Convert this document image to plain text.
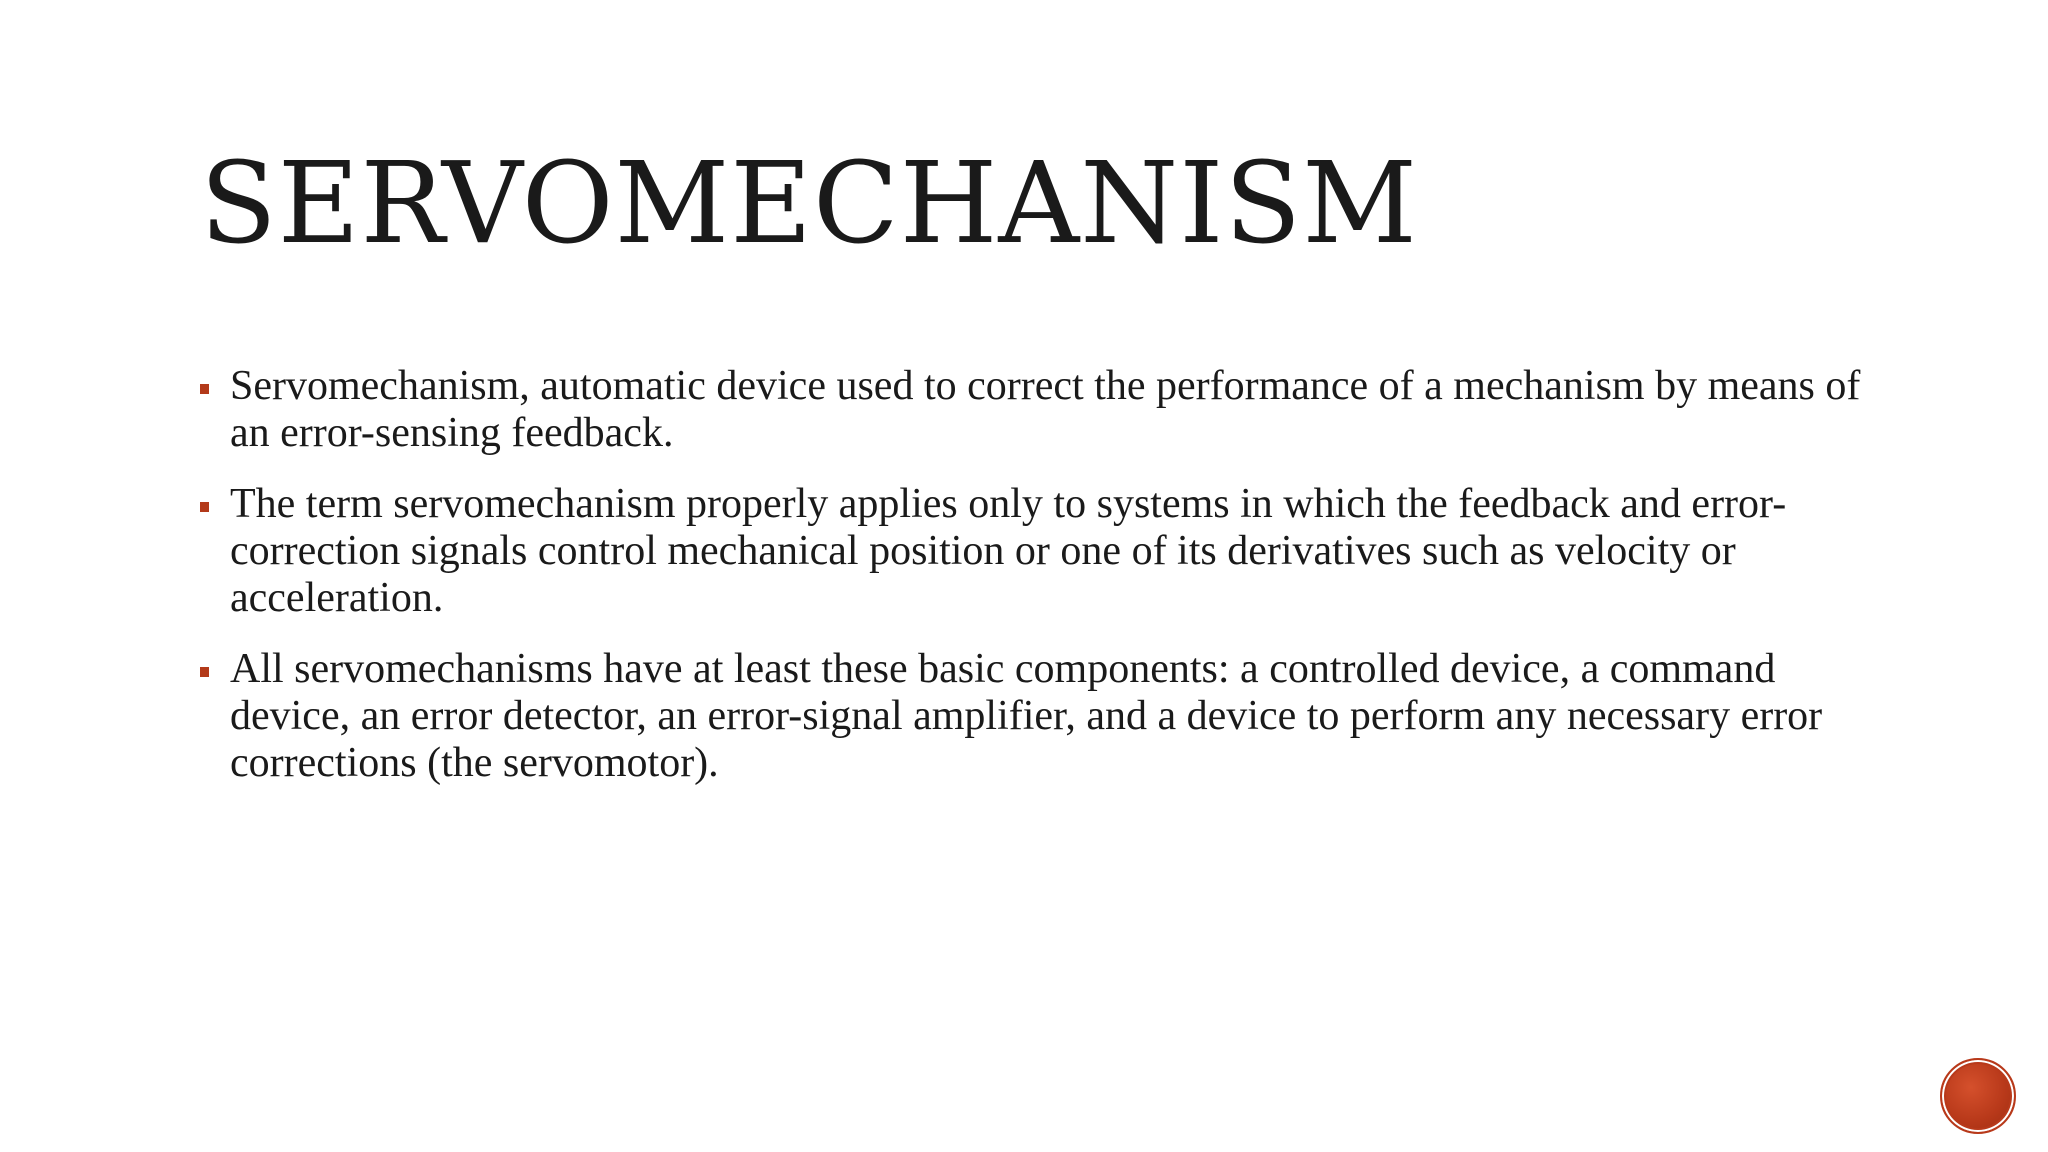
SERVOMECHANISM
Servomechanism, automatic device used to correct the performance of a mechanism by means of an error-sensing feedback.
The term servomechanism properly applies only to systems in which the feedback and error-correction signals control mechanical position or one of its derivatives such as velocity or acceleration.
All servomechanisms have at least these basic components: a controlled device, a command device, an error detector, an error-signal amplifier, and a device to perform any necessary error corrections (the servomotor).
